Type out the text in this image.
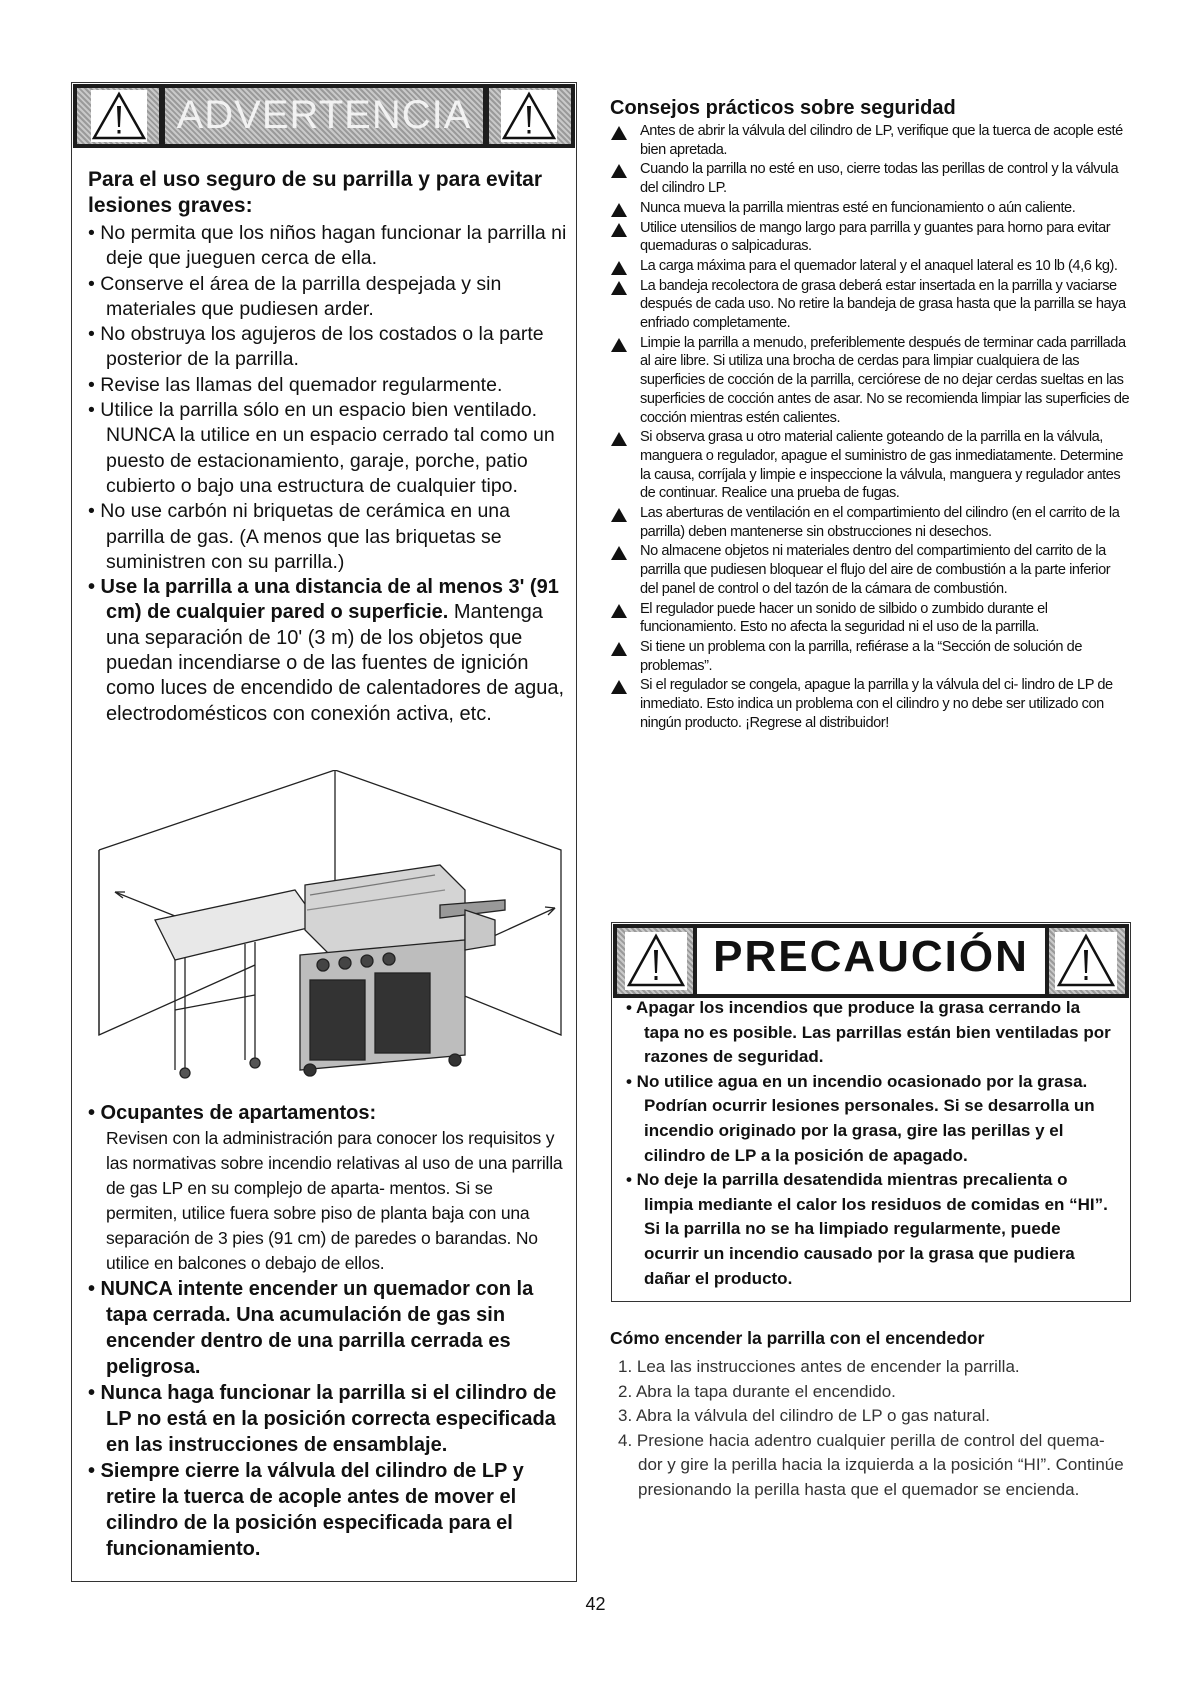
ADVERTENCIA

Para el uso seguro de su parrilla y para evitar lesiones graves:

• No permita que los niños hagan funcionar la parrilla ni deje que jueguen cerca de ella.

• Conserve el área de la parrilla despejada y sin materiales que pudiesen arder.

• No obstruya los agujeros de los costados o la parte posterior de la parrilla.

• Revise las llamas del quemador regularmente.

• Utilice la parrilla sólo en un espacio bien ventilado. NUNCA la utilice en un espacio cerrado tal como un puesto de estacionamiento, garaje, porche, patio cubierto o bajo una estructura de cualquier tipo.

• No use carbón ni briquetas de cerámica en una parrilla de gas. (A menos que las briquetas se suministren con su parrilla.)

• Use la parrilla a una distancia de al menos 3' (91 cm) de cualquier pared o superficie. Mantenga una separación de 10' (3 m) de los objetos que puedan incendiarse o de las fuentes de ignición como luces de encendido de calentadores de agua, electrodomésticos con conexión activa, etc.

• Ocupantes de apartamentos:

Revisen con la administración para conocer los requisitos y las normativas sobre incendio relativas al uso de una parrilla de gas LP en su complejo de aparta- mentos. Si se permiten, utilice fuera sobre piso de planta baja con una separación de 3 pies (91 cm) de paredes o barandas. No utilice en balcones o debajo de ellos.

• NUNCA intente encender un quemador con la tapa cerrada. Una acumulación de gas sin encender dentro de una parrilla cerrada es peligrosa.

• Nunca haga funcionar la parrilla si el cilindro de LP no está en la posición correcta especificada en las instrucciones de ensamblaje.

• Siempre cierre la válvula del cilindro de LP y retire la tuerca de acople antes de mover el cilindro de la posición especificada para el funcionamiento.

Consejos prácticos sobre seguridad

Antes de abrir la válvula del cilindro de LP, verifique que la tuerca de acople esté bien apretada.
Cuando la parrilla no esté en uso, cierre todas las perillas de control y la válvula del cilindro LP.
Nunca mueva la parrilla mientras esté en funcionamiento o aún caliente.
Utilice utensilios de mango largo para parrilla y guantes para horno para evitar quemaduras o salpicaduras.
La carga máxima para el quemador lateral y el anaquel lateral es 10 lb (4,6 kg).
La bandeja recolectora de grasa deberá estar insertada en la parrilla y vaciarse después de cada uso. No retire la bandeja de grasa hasta que la parrilla se haya enfriado completamente.
Limpie la parrilla a menudo, preferiblemente después de terminar cada parrillada al aire libre. Si utiliza una brocha de cerdas para limpiar cualquiera de las superficies de cocción de la parrilla, cerciórese de no dejar cerdas sueltas en las superficies de cocción antes de asar. No se recomienda limpiar las superficies de cocción mientras estén calientes.
Si observa grasa u otro material caliente goteando de la parrilla en la válvula, manguera o regulador, apague el suministro de gas inmediatamente. Determine la causa, corríjala y limpie e inspeccione la válvula, manguera y regulador antes de continuar. Realice una prueba de fugas.
Las aberturas de ventilación en el compartimiento del cilindro (en el carrito de la parrilla) deben mantenerse sin obstrucciones ni desechos.
No almacene objetos ni materiales dentro del compartimiento del carrito de la parrilla que pudiesen bloquear el flujo del aire de combustión a la parte inferior del panel de control o del tazón de la cámara de combustión.
El regulador puede hacer un sonido de silbido o zumbido durante el funcionamiento. Esto no afecta la seguridad ni el uso de la parrilla.
Si tiene un problema con la parrilla, refiérase a la “Sección de solución de problemas”.
Si el regulador se congela, apague la parrilla y la válvula del ci- lindro de LP de inmediato. Esto indica un problema con el cilindro y no debe ser utilizado con ningún producto. ¡Regrese al distribuidor!
PRECAUCIÓN

• Apagar los incendios que produce la grasa cerrando la tapa no es posible. Las parrillas están bien ventiladas por razones de seguridad.

• No utilice agua en un incendio ocasionado por la grasa. Podrían ocurrir lesiones personales. Si se desarrolla un incendio originado por la grasa, gire las perillas y el cilindro de LP a la posición de apagado.

• No deje la parrilla desatendida mientras precalienta o limpia mediante el calor los residuos de comidas en “HI”. Si la parrilla no se ha limpiado regularmente, puede ocurrir un incendio causado por la grasa que pudiera dañar el producto.

Cómo encender la parrilla con el encendedor

1. Lea las instrucciones antes de encender la parrilla.

2. Abra la tapa durante el encendido.

3. Abra la válvula del cilindro de LP o gas natural.

4. Presione hacia adentro cualquier perilla de control del quema- dor y gire la perilla hacia la izquierda a la posición “HI”. Continúe presionando la perilla hasta que el quemador se encienda.

42
